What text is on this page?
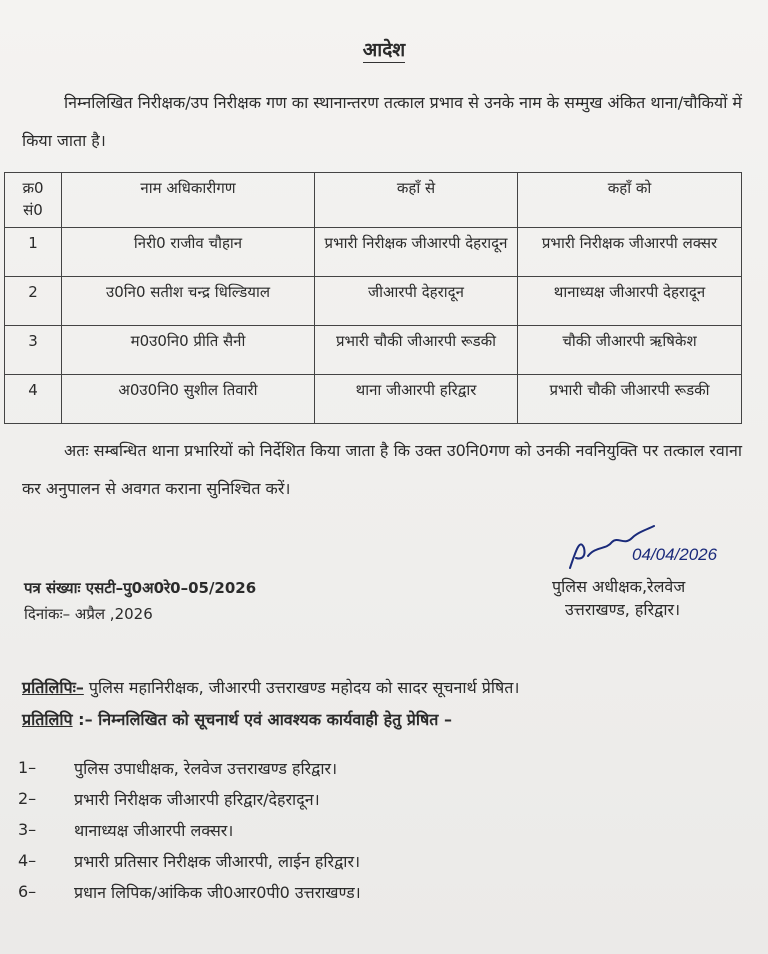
आदेश
निम्नलिखित निरीक्षक/उप निरीक्षक गण का स्थानान्तरण तत्काल प्रभाव से उनके नाम के सम्मुख अंकित थाना/चौकियों में किया जाता है।
क्र0 सं0	नाम अधिकारीगण	कहाँ से	कहाँ को
1	निरी0 राजीव चौहान	प्रभारी निरीक्षक जीआरपी देहरादून	प्रभारी निरीक्षक जीआरपी लक्सर
2	उ0नि0 सतीश चन्द्र धिल्डियाल	जीआरपी देहरादून	थानाध्यक्ष जीआरपी देहरादून
3	म0उ0नि0 प्रीति सैनी	प्रभारी चौकी जीआरपी रूडकी	चौकी जीआरपी ऋषिकेश
4	अ0उ0नि0 सुशील तिवारी	थाना जीआरपी हरिद्वार	प्रभारी चौकी जीआरपी रूडकी
अतः सम्बन्धित थाना प्रभारियों को निर्देशित किया जाता है कि उक्त उ0नि0गण को उनकी नवनियुक्ति पर तत्काल रवाना कर अनुपालन से अवगत कराना सुनिश्चित करें।
04/04/2026
पुलिस अधीक्षक,रेलवेज
उत्तराखण्ड, हरिद्वार।
पत्र संख्याः एसटी–पु0अ0रे0–05/2026
दिनांकः– अप्रैल ,2026
प्रतिलिपिः– पुलिस महानिरीक्षक, जीआरपी उत्तराखण्ड महोदय को सादर सूचनार्थ प्रेषित।
प्रतिलिपि :– निम्नलिखित को सूचनार्थ एवं आवश्यक कार्यवाही हेतु प्रेषित –
1–	पुलिस उपाधीक्षक, रेलवेज उत्तराखण्ड हरिद्वार।
2–	प्रभारी निरीक्षक जीआरपी हरिद्वार/देहरादून।
3–	थानाध्यक्ष जीआरपी लक्सर।
4–	प्रभारी प्रतिसार निरीक्षक जीआरपी, लाईन हरिद्वार।
6–	प्रधान लिपिक/आंकिक जी0आर0पी0 उत्तराखण्ड।
